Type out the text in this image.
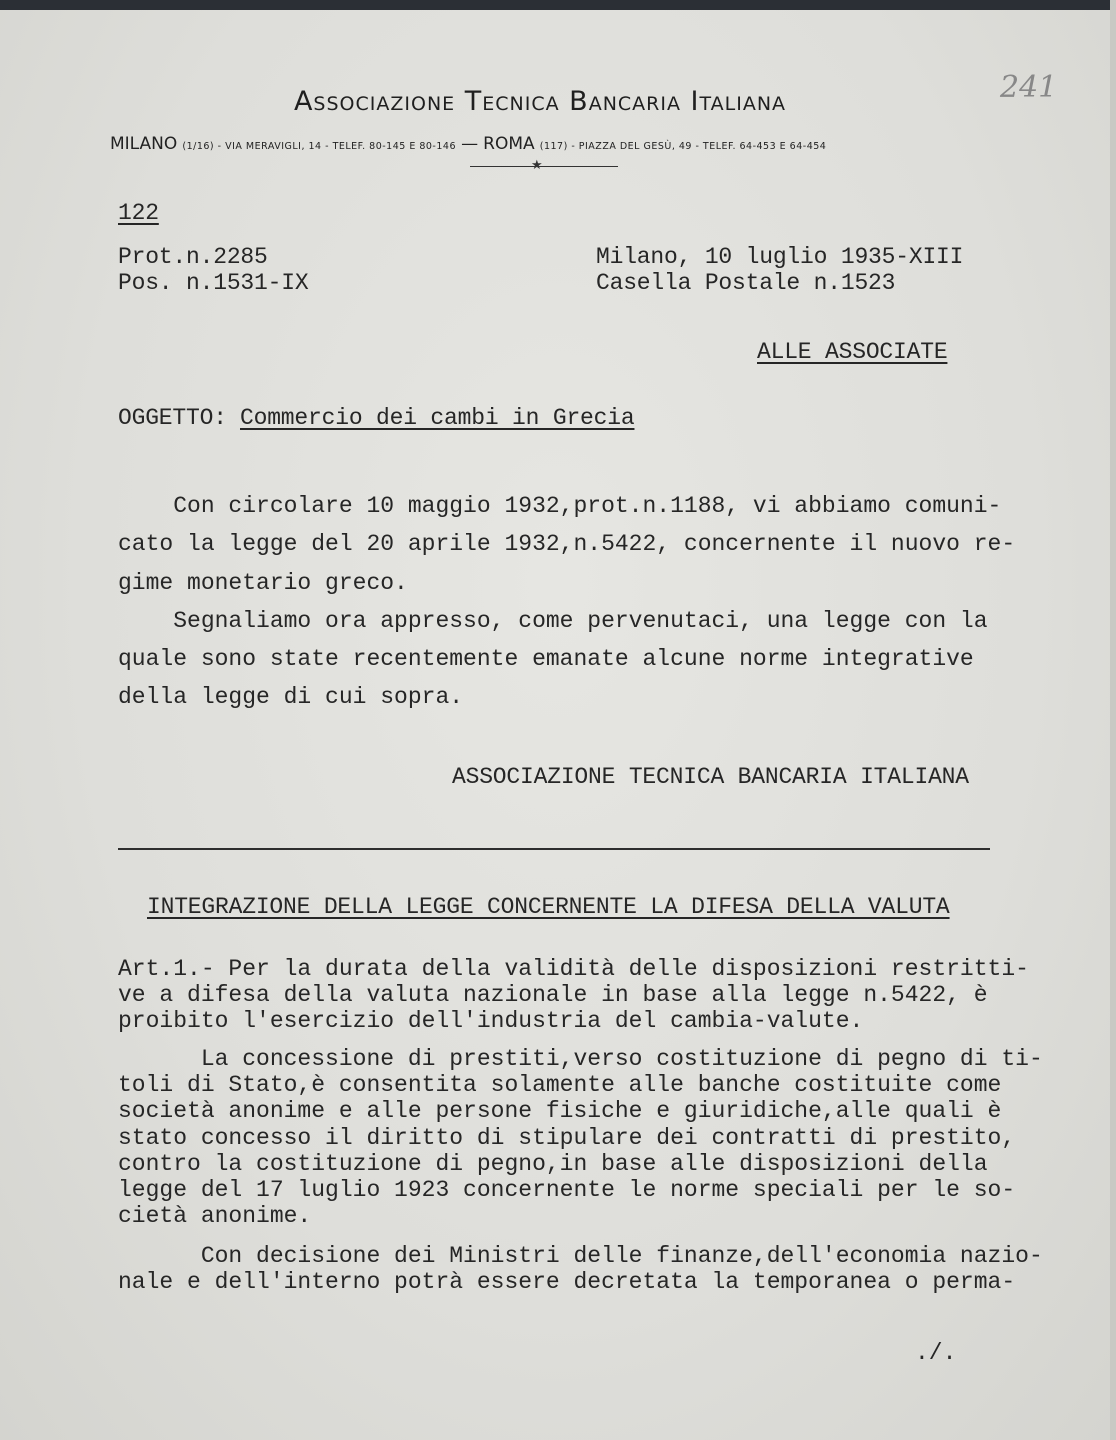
Associazione Tecnica Bancaria Italiana
MILANO (1/16) - VIA MERAVIGLI, 14 - TELEF. 80-145 E 80-146 — ROMA (117) - PIAZZA DEL GESÙ, 49 - TELEF. 64-453 E 64-454
★
241
122
Prot.n.2285
Pos. n.1531-IX
Milano, 10 luglio 1935-XIII
Casella Postale n.1523
ALLE ASSOCIATE
OGGETTO: Commercio dei cambi in Grecia
Con circolare 10 maggio 1932,prot.n.1188, vi abbiamo comuni-
cato la legge del 20 aprile 1932,n.5422, concernente il nuovo re-
gime monetario greco.
Segnaliamo ora appresso, come pervenutaci, una legge con la
quale sono state recentemente emanate alcune norme integrative
della legge di cui sopra.
ASSOCIAZIONE TECNICA BANCARIA ITALIANA
INTEGRAZIONE DELLA LEGGE CONCERNENTE LA DIFESA DELLA VALUTA
Art.1.- Per la durata della validità delle disposizioni restritti-
ve a difesa della valuta nazionale in base alla legge n.5422, è
proibito l'esercizio dell'industria del cambia-valute.
La concessione di prestiti,verso costituzione di pegno di ti-
toli di Stato,è consentita solamente alle banche costituite come
società anonime e alle persone fisiche e giuridiche,alle quali è
stato concesso il diritto di stipulare dei contratti di prestito,
contro la costituzione di pegno,in base alle disposizioni della
legge del 17 luglio 1923 concernente le norme speciali per le so-
cietà anonime.
Con decisione dei Ministri delle finanze,dell'economia nazio-
nale e dell'interno potrà essere decretata la temporanea o perma-
./.
